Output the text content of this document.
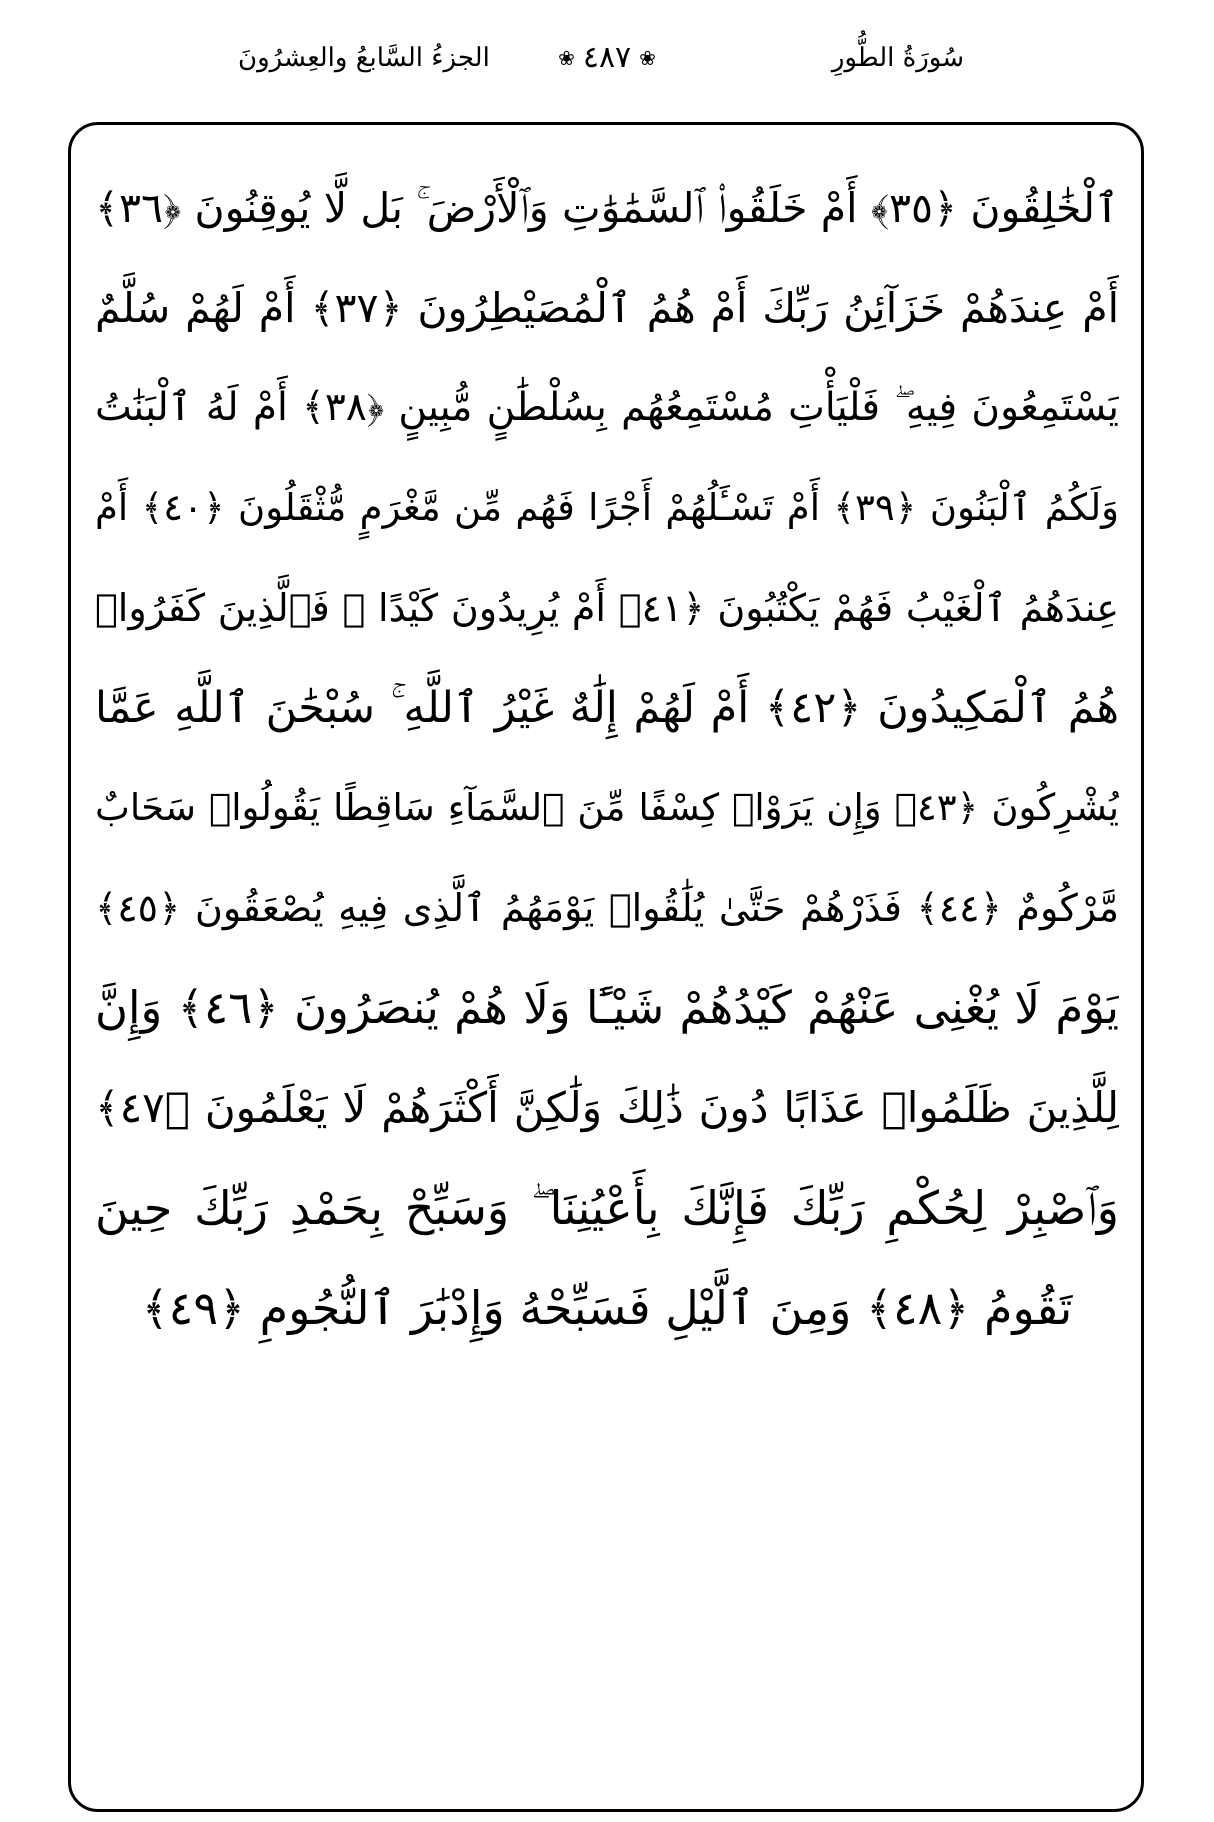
سُورَةُ الطُّورِ
❀ ٤٨٧ ❀
الجزءُ السَّابعُ والعِشرُونَ
ٱلْخَٰلِقُونَ ﴿٣٥﴾ أَمْ خَلَقُوا۟ ٱلسَّمَٰوَٰتِ وَٱلْأَرْضَ ۚ بَل لَّا يُوقِنُونَ ﴿٣٦﴾
أَمْ عِندَهُمْ خَزَآئِنُ رَبِّكَ أَمْ هُمُ ٱلْمُصَيْطِرُونَ ﴿٣٧﴾ أَمْ لَهُمْ سُلَّمٌ
يَسْتَمِعُونَ فِيهِ ۖ فَلْيَأْتِ مُسْتَمِعُهُم بِسُلْطَٰنٍ مُّبِينٍ ﴿٣٨﴾ أَمْ لَهُ ٱلْبَنَٰتُ
وَلَكُمُ ٱلْبَنُونَ ﴿٣٩﴾ أَمْ تَسْـَٔلُهُمْ أَجْرًا فَهُم مِّن مَّغْرَمٍ مُّثْقَلُونَ ﴿٤٠﴾ أَمْ
عِندَهُمُ ٱلْغَيْبُ فَهُمْ يَكْتُبُونَ ﴿٤١﴾ أَمْ يُرِيدُونَ كَيْدًا ۖ فَٱلَّذِينَ كَفَرُوا۟
هُمُ ٱلْمَكِيدُونَ ﴿٤٢﴾ أَمْ لَهُمْ إِلَٰهٌ غَيْرُ ٱللَّهِ ۚ سُبْحَٰنَ ٱللَّهِ عَمَّا
يُشْرِكُونَ ﴿٤٣﴾ وَإِن يَرَوْا۟ كِسْفًا مِّنَ ٱلسَّمَآءِ سَاقِطًا يَقُولُوا۟ سَحَابٌ
مَّرْكُومٌ ﴿٤٤﴾ فَذَرْهُمْ حَتَّىٰ يُلَٰقُوا۟ يَوْمَهُمُ ٱلَّذِى فِيهِ يُصْعَقُونَ ﴿٤٥﴾
يَوْمَ لَا يُغْنِى عَنْهُمْ كَيْدُهُمْ شَيْـًٔا وَلَا هُمْ يُنصَرُونَ ﴿٤٦﴾ وَإِنَّ
لِلَّذِينَ ظَلَمُوا۟ عَذَابًا دُونَ ذَٰلِكَ وَلَٰكِنَّ أَكْثَرَهُمْ لَا يَعْلَمُونَ ﴿٤٧﴾
وَٱصْبِرْ لِحُكْمِ رَبِّكَ فَإِنَّكَ بِأَعْيُنِنَا ۖ وَسَبِّحْ بِحَمْدِ رَبِّكَ حِينَ
تَقُومُ ﴿٤٨﴾ وَمِنَ ٱلَّيْلِ فَسَبِّحْهُ وَإِدْبَٰرَ ٱلنُّجُومِ ﴿٤٩﴾
